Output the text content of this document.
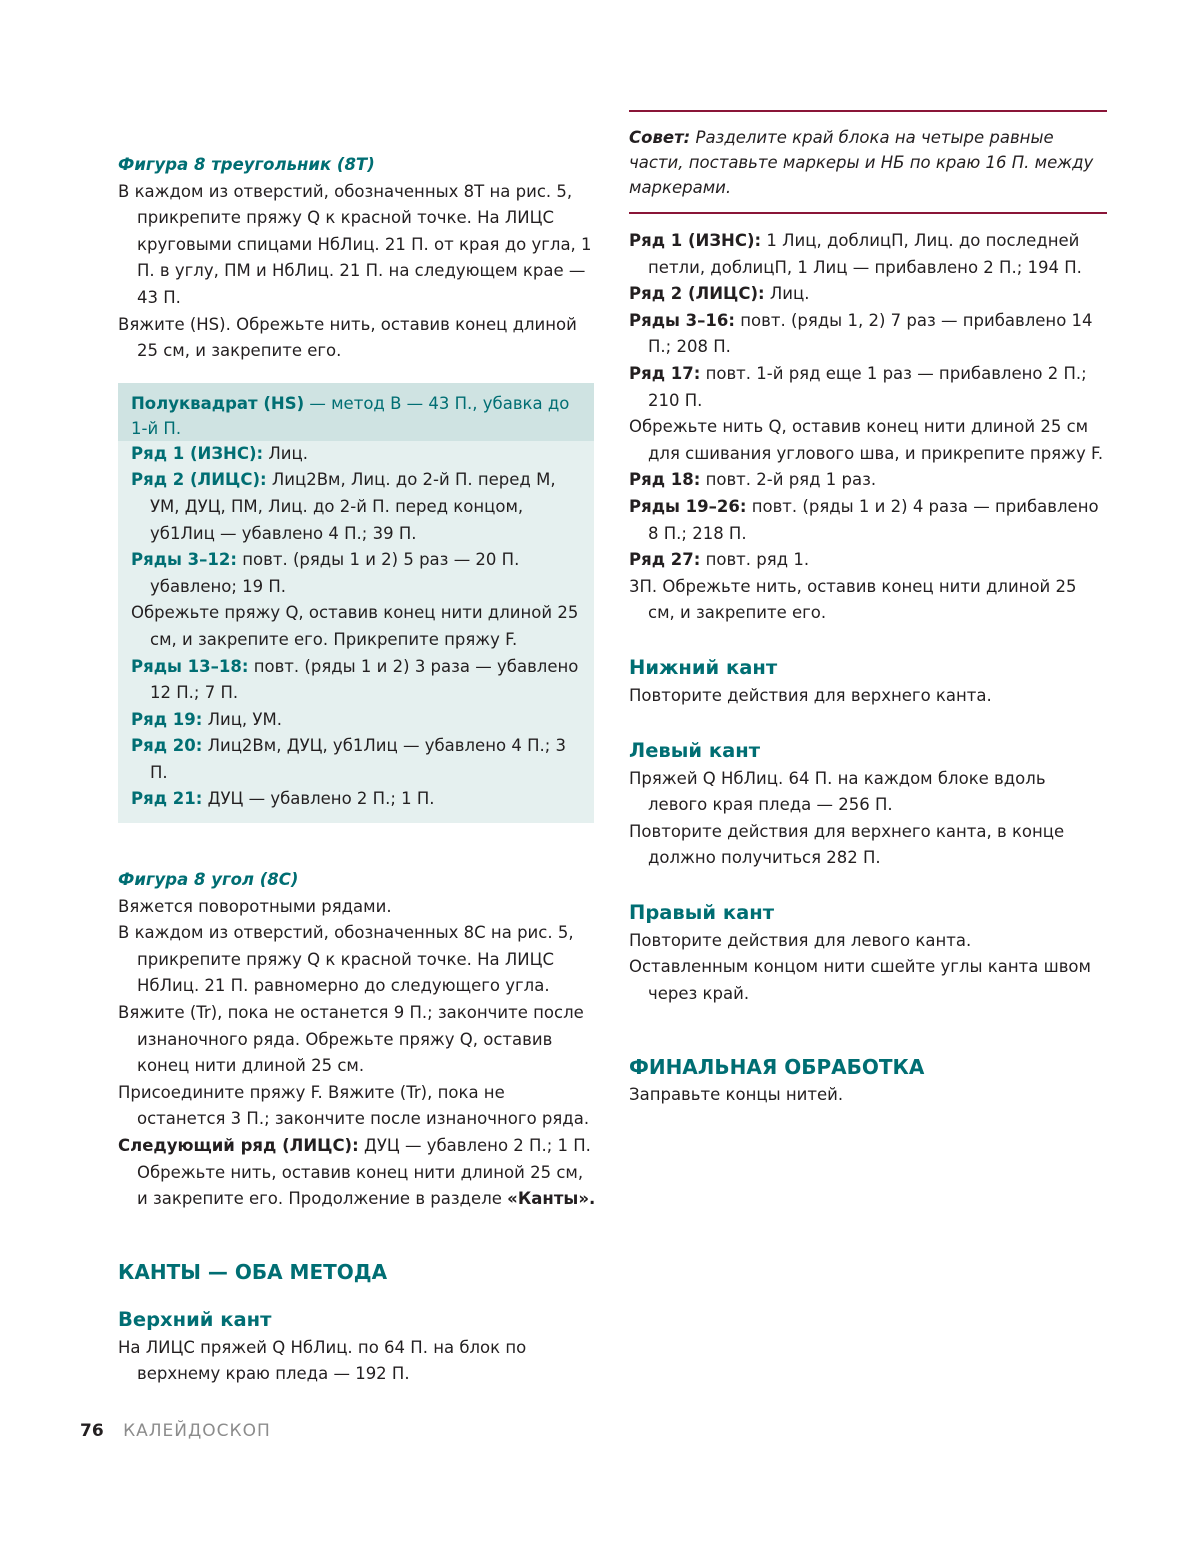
Фигура 8 треугольник (8Т)

В каждом из отверстий, обозначенных 8Т на рис. 5, прикрепите пряжу Q к красной точке. На ЛИЦС круговыми спицами НбЛиц. 21 П. от края до угла, 1 П. в углу, ПМ и НбЛиц. 21 П. на следующем крае — 43 П.

Вяжите (HS). Обрежьте нить, оставив конец длиной 25 см, и закрепите его.

Полуквадрат (HS) — метод В — 43 П., убавка до 1-й П.

Ряд 1 (ИЗНС): Лиц.

Ряд 2 (ЛИЦС): Лиц2Вм, Лиц. до 2-й П. перед М, УМ, ДУЦ, ПМ, Лиц. до 2-й П. перед концом, уб1Лиц — убавлено 4 П.; 39 П.

Ряды 3–12: повт. (ряды 1 и 2) 5 раз — 20 П. убавлено; 19 П.

Обрежьте пряжу Q, оставив конец нити длиной 25 см, и закрепите его. Прикрепите пряжу F.

Ряды 13–18: повт. (ряды 1 и 2) 3 раза — убавлено 12 П.; 7 П.

Ряд 19: Лиц, УМ.

Ряд 20: Лиц2Вм, ДУЦ, уб1Лиц — убавлено 4 П.; 3 П.

Ряд 21: ДУЦ — убавлено 2 П.; 1 П.

Фигура 8 угол (8С)

Вяжется поворотными рядами.

В каждом из отверстий, обозначенных 8С на рис. 5, прикрепите пряжу Q к красной точке. На ЛИЦС НбЛиц. 21 П. равномерно до следующего угла.

Вяжите (Tr), пока не останется 9 П.; закончите после изнаночного ряда. Обрежьте пряжу Q, оставив конец нити длиной 25 см.

Присоедините пряжу F. Вяжите (Tr), пока не останется 3 П.; закончите после изнаночного ряда.

Следующий ряд (ЛИЦС): ДУЦ — убавлено 2 П.; 1 П. Обрежьте нить, оставив конец нити длиной 25 см, и закрепите его. Продолжение в разделе «Канты».

КАНТЫ — ОБА МЕТОДА

Верхний кант

На ЛИЦС пряжей Q НбЛиц. по 64 П. на блок по верхнему краю пледа — 192 П.

Совет: Разделите край блока на четыре равные части, поставьте маркеры и НБ по краю 16 П. между маркерами.

Ряд 1 (ИЗНС): 1 Лиц, доблицП, Лиц. до последней петли, доблицП, 1 Лиц — прибавлено 2 П.; 194 П.

Ряд 2 (ЛИЦС): Лиц.

Ряды 3–16: повт. (ряды 1, 2) 7 раз — прибавлено 14 П.; 208 П.

Ряд 17: повт. 1-й ряд еще 1 раз — прибавлено 2 П.; 210 П.

Обрежьте нить Q, оставив конец нити длиной 25 см для сшивания углового шва, и прикрепите пряжу F.

Ряд 18: повт. 2-й ряд 1 раз.

Ряды 19–26: повт. (ряды 1 и 2) 4 раза — прибавлено 8 П.; 218 П.

Ряд 27: повт. ряд 1.

3П. Обрежьте нить, оставив конец нити длиной 25 см, и закрепите его.

Нижний кант

Повторите действия для верхнего канта.

Левый кант

Пряжей Q НбЛиц. 64 П. на каждом блоке вдоль левого края пледа — 256 П.

Повторите действия для верхнего канта, в конце должно получиться 282 П.

Правый кант

Повторите действия для левого канта.

Оставленным концом нити сшейте углы канта швом через край.

ФИНАЛЬНАЯ ОБРАБОТКА

Заправьте концы нитей.

76 КАЛЕЙДОСКОП
